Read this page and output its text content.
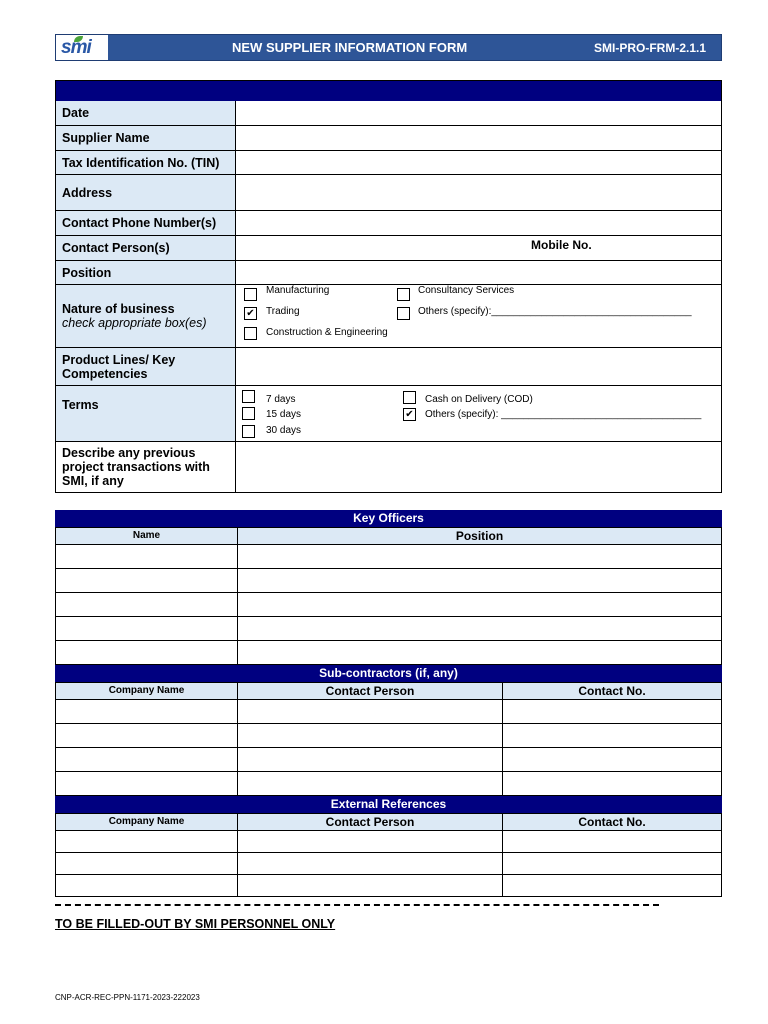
smi	NEW SUPPLIER INFORMATION FORM	SMI-PRO-FRM-2.1.1
Date
Supplier Name
Tax Identification No. (TIN)
Address
Contact Phone Number(s)
Contact Person(s)	Mobile No.
Position
Nature of business
check appropriate box(es)
Manufacturing
✔ Trading
Construction & Engineering
Consultancy Services
Others (specify):____________________________________
Product Lines/ Key Competencies
Terms	7 days
15 days
30 days
Cash on Delivery (COD)
✔ Others (specify): ____________________________________
Describe any previous project transactions with SMI, if any
Key Officers
Name	Position
Sub-contractors (if, any)
Company Name	Contact Person	Contact No.
External References
Company Name	Contact Person	Contact No.
TO BE FILLED-OUT BY SMI PERSONNEL ONLY
CNP-ACR-REC-PPN-1171-2023-222023
